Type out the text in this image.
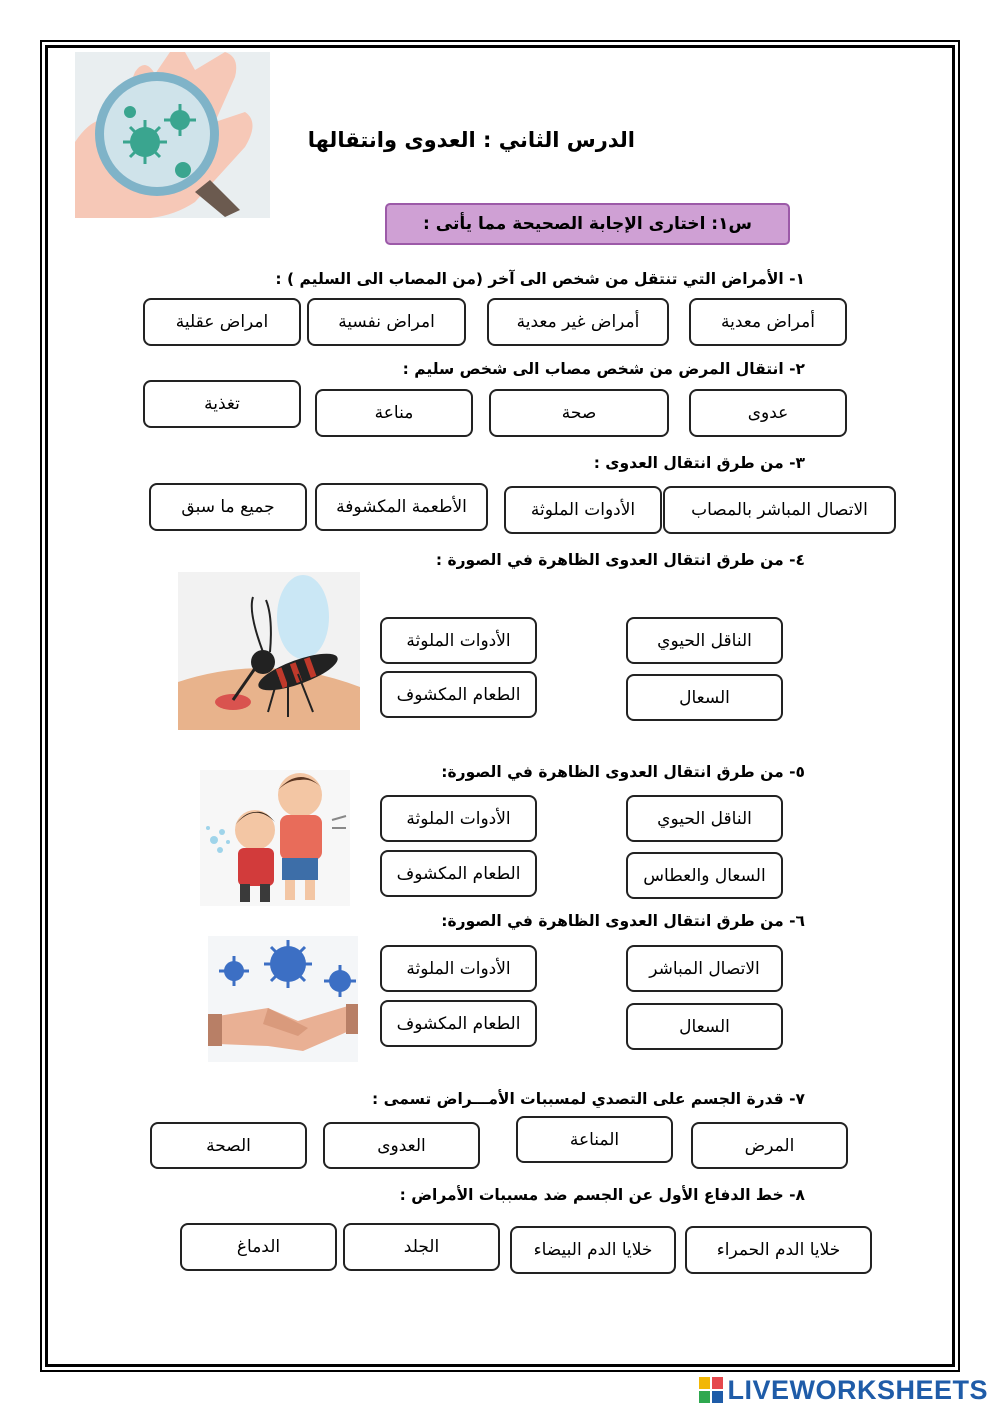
الدرس الثاني : العدوى وانتقالها
س١: اختارى الإجابة الصحيحة مما يأتى :
١- الأمراض التي تنتقل من شخص الى آخر (من المصاب الى السليم ) :
أمراض معدية
أمراض غير معدية
امراض نفسية
امراض عقلية
٢- انتقال المرض من شخص مصاب الى شخص سليم :
عدوى
صحة
مناعة
تغذية
٣- من طرق انتقال العدوى :
الاتصال المباشر بالمصاب
الأدوات الملوثة
الأطعمة المكشوفة
جميع ما سبق
٤- من طرق انتقال العدوى الظاهرة في الصورة :
الناقل الحيوي
الأدوات الملوثة
السعال
الطعام المكشوف
٥- من طرق انتقال العدوى الظاهرة في الصورة:
الناقل الحيوي
الأدوات الملوثة
السعال والعطاس
الطعام المكشوف
٦- من طرق انتقال العدوى الظاهرة في الصورة:
الاتصال المباشر
الأدوات الملوثة
السعال
الطعام المكشوف
٧- قدرة الجسم على التصدي لمسببات الأمـــراض تسمى :
المرض
المناعة
العدوى
الصحة
٨- خط الدفاع الأول عن الجسم ضد مسببات الأمراض :
خلايا الدم الحمراء
خلايا الدم البيضاء
الجلد
الدماغ
LIVEWORKSHEETS
